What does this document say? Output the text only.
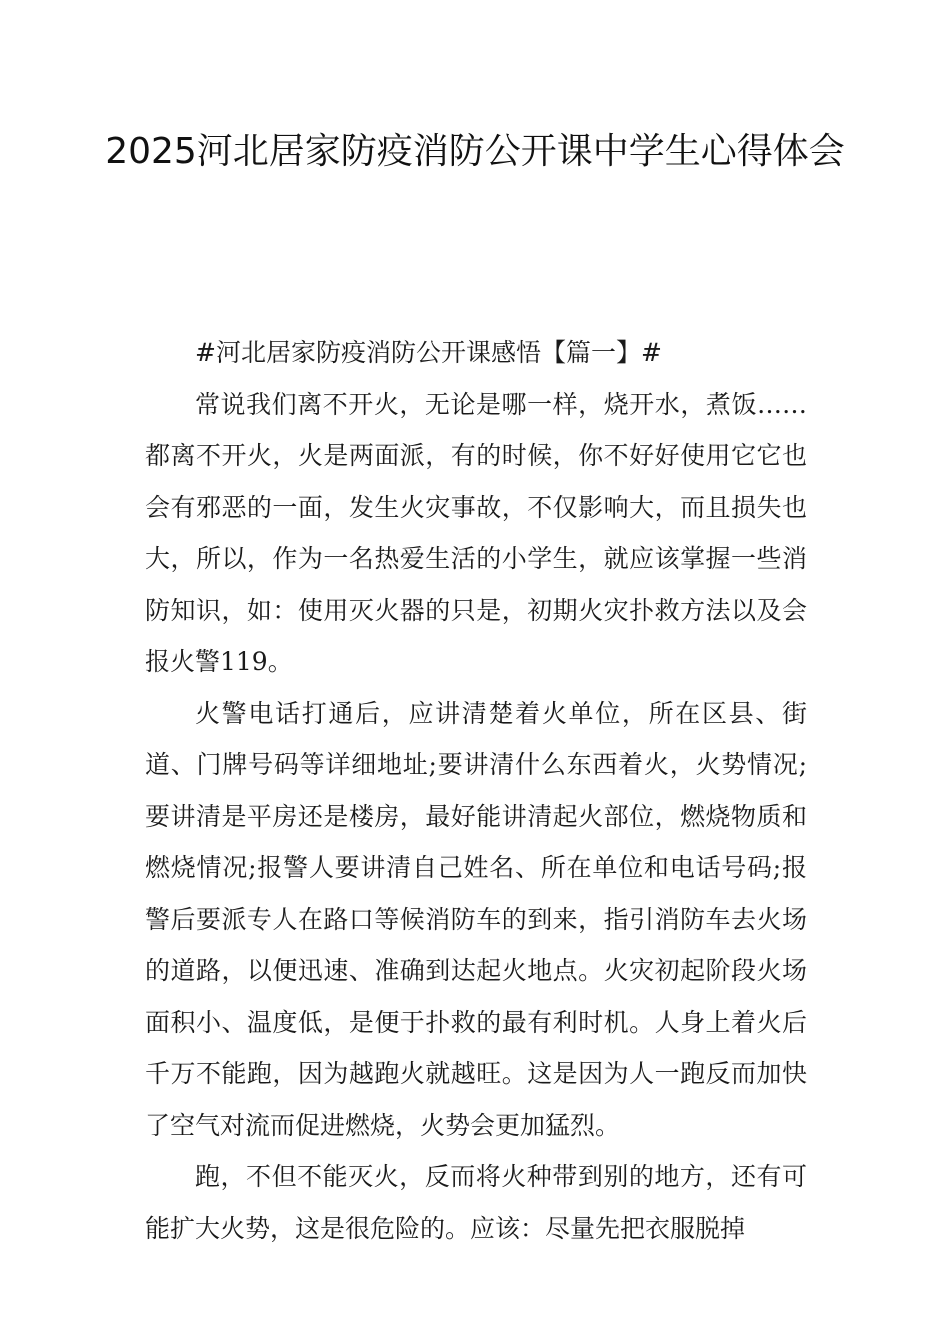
2025河北居家防疫消防公开课中学生心得体会

#河北居家防疫消防公开课感悟【篇一】#

常说我们离不开火，无论是哪一样，烧开水，煮饭……都离不开火，火是两面派，有的时候，你不好好使用它它也会有邪恶的一面，发生火灾事故，不仅影响大，而且损失也大，所以，作为一名热爱生活的小学生，就应该掌握一些消防知识，如：使用灭火器的只是，初期火灾扑救方法以及会报火警119。

火警电话打通后，应讲清楚着火单位，所在区县、街道、门牌号码等详细地址;要讲清什么东西着火，火势情况;要讲清是平房还是楼房，最好能讲清起火部位，燃烧物质和燃烧情况;报警人要讲清自己姓名、所在单位和电话号码;报警后要派专人在路口等候消防车的到来，指引消防车去火场的道路，以便迅速、准确到达起火地点。火灾初起阶段火场面积小、温度低，是便于扑救的最有利时机。人身上着火后千万不能跑，因为越跑火就越旺。这是因为人一跑反而加快了空气对流而促进燃烧，火势会更加猛烈。

跑，不但不能灭火，反而将火种带到别的地方，还有可能扩大火势，这是很危险的。应该：尽量先把衣服脱掉
